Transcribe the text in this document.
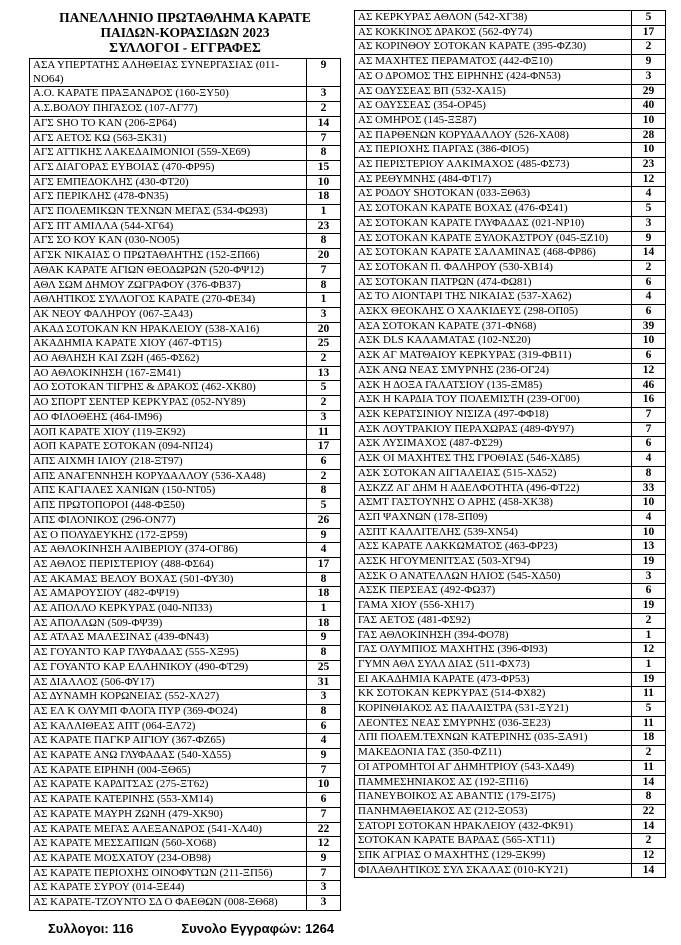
ΠΑΝΕΛΛΗΝΙΟ ΠΡΩΤΑΘΛΗΜΑ ΚΑΡΑΤΕ
ΠΑΙΔΩΝ-ΚΟΡΑΣΙΔΩΝ 2023
ΣΥΛΛΟΓΟΙ - ΕΓΓΡΑΦΕΣ
ΑΣΑ ΥΠΕΡΤΑΤΗΣ ΑΛΗΘΕΙΑΣ ΣΥΝΕΡΓΑΣΙΑΣ (011-ΝΟ64)	9
Α.Ο. ΚΑΡΑΤΕ ΠΡΑΞΑΝΔΡΟΣ (160-ΞΥ50)	3
Α.Σ.ΒΟΛΟΥ ΠΗΓΑΣΟΣ (107-ΛΓ77)	2
ΑΓΣ SHO TO KAN (206-ΞΡ64)	14
ΑΓΣ ΑΕΤΟΣ ΚΩ (563-ΞΚ31)	7
ΑΓΣ ΑΤΤΙΚΗΣ ΛΑΚΕΔΑΙΜΟΝΙΟΙ (559-ΧΕ69)	8
ΑΓΣ ΔΙΑΓΟΡΑΣ ΕΥΒΟΙΑΣ (470-ΦΡ95)	15
ΑΓΣ ΕΜΠΕΔΟΚΛΗΣ (430-ΦΤ20)	10
ΑΓΣ ΠΕΡΙΚΛΗΣ (478-ΦΝ35)	18
ΑΓΣ ΠΟΛΕΜΙΚΩΝ ΤΕΧΝΩΝ ΜΕΓΑΣ (534-ΦΩ93)	1
ΑΓΣ ΠΤ ΑΜΙΛΛΑ (544-ΧΓ64)	23
ΑΓΣ ΣΟ ΚΟΥ ΚΑΝ (030-ΝΟ05)	8
ΑΓΣΚ ΝΙΚΑΙΑΣ Ο ΠΡΩΤΑΘΛΗΤΗΣ (152-ΞΠ66)	20
ΑΘΑΚ ΚΑΡΑΤΕ ΑΓΙΩΝ ΘΕΟΔΩΡΩΝ (520-ΦΨ12)	7
ΑΘΛ ΣΩΜ ΔΗΜΟΥ ΖΩΓΡΑΦΟΥ (376-ΦΒ37)	8
ΑΘΛΗΤΙΚΟΣ ΣΥΛΛΟΓΟΣ ΚΑΡΑΤΕ (270-ΦΕ34)	1
ΑΚ ΝΕΟΥ ΦΑΛΗΡΟΥ (067-ΞΑ43)	3
ΑΚΑΔ ΣΟΤΟΚΑΝ ΚΝ ΗΡΑΚΛΕΙΟΥ (538-ΧΑ16)	20
ΑΚΑΔΗΜΙΑ ΚΑΡΑΤΕ ΧΙΟΥ (467-ΦΤ15)	25
ΑΟ ΑΘΛΗΣΗ ΚΑΙ ΖΩΗ (465-ΦΣ62)	2
ΑΟ ΑΘΛΟΚΙΝΗΣΗ (167-ΞΜ41)	13
ΑΟ ΣΟΤΟΚΑΝ ΤΙΓΡΗΣ & ΔΡΑΚΟΣ (462-ΧΚ80)	5
ΑΟ ΣΠΟΡΤ ΣΕΝΤΕΡ ΚΕΡΚΥΡΑΣ (052-ΝΥ89)	2
ΑΟ ΦΙΛΟΘΕΗΣ (464-ΙΜ96)	3
ΑΟΠ ΚΑΡΑΤΕ ΧΙΟΥ (119-ΞΚ92)	11
ΑΟΠ ΚΑΡΑΤΕ ΣΟΤΟΚΑΝ (094-ΝΠ24)	17
ΑΠΣ ΑΙΧΜΗ ΙΛΙΟΥ (218-ΞΤ97)	6
ΑΠΣ ΑΝΑΓΕΝΝΗΣΗ ΚΟΡΥΔΑΛΛΟΥ (536-ΧΑ48)	2
ΑΠΣ ΚΑΓΙΑΛΕΣ ΧΑΝΙΩΝ (150-ΝΤ05)	8
ΑΠΣ ΠΡΩΤΟΠΟΡΟΙ (448-ΦΞ50)	5
ΑΠΣ ΦΙΛΟΝΙΚΟΣ (296-ΟΝ77)	26
ΑΣ Ο ΠΟΛΥΔΕΥΚΗΣ (172-ΞΡ59)	9
ΑΣ ΑΘΛΟΚΙΝΗΣΗ ΑΛΙΒΕΡΙΟΥ (374-ΟΓ86)	4
ΑΣ ΑΘΛΟΣ ΠΕΡΙΣΤΕΡΙΟΥ (488-ΦΣ64)	17
ΑΣ ΑΚΑΜΑΣ ΒΕΛΟΥ ΒΟΧΑΣ (501-ΦΥ30)	8
ΑΣ ΑΜΑΡΟΥΣΙΟΥ (482-ΦΨ19)	18
ΑΣ ΑΠΟΛΛΟ ΚΕΡΚΥΡΑΣ (040-ΝΠ33)	1
ΑΣ ΑΠΟΛΛΩΝ (509-ΦΨ39)	18
ΑΣ ΑΤΛΑΣ ΜΑΛΕΣΙΝΑΣ (439-ΦΝ43)	9
ΑΣ ΓΟΥΑΝΤΟ ΚΑΡ ΓΛΥΦΑΔΑΣ (555-ΧΞ95)	8
ΑΣ ΓΟΥΑΝΤΟ ΚΑΡ ΕΛΛΗΝΙΚΟΥ (490-ΦΤ29)	25
ΑΣ ΔΙΑΛΛΟΣ (506-ΦΥ17)	31
ΑΣ ΔΥΝΑΜΗ ΚΟΡΩΝΕΙΑΣ (552-ΧΛ27)	3
ΑΣ ΕΛ Κ ΟΛΥΜΠ ΦΛΟΓΑ ΠΥΡ (369-ΦΟ24)	8
ΑΣ ΚΑΛΛΙΘΕΑΣ ΑΠΤ (064-ΞΛ72)	6
ΑΣ ΚΑΡΑΤΕ ΠΑΓΚΡ ΑΙΓΙΟΥ (367-ΦΖ65)	4
ΑΣ ΚΑΡΑΤΕ ΑΝΩ ΓΛΥΦΑΔΑΣ (540-ΧΔ55)	9
ΑΣ ΚΑΡΑΤΕ ΕΙΡΗΝΗ (004-ΞΘ65)	7
ΑΣ ΚΑΡΑΤΕ ΚΑΡΔΙΤΣΑΣ (275-ΞΤ62)	10
ΑΣ ΚΑΡΑΤΕ ΚΑΤΕΡΙΝΗΣ (553-ΧΜ14)	6
ΑΣ ΚΑΡΑΤΕ ΜΑΥΡΗ ΖΩΝΗ (479-ΧΚ90)	7
ΑΣ ΚΑΡΑΤΕ ΜΕΓΑΣ ΑΛΕΞΑΝΔΡΟΣ (541-ΧΛ40)	22
ΑΣ ΚΑΡΑΤΕ ΜΕΣΣΑΠΙΩΝ (560-ΧΟ68)	12
ΑΣ ΚΑΡΑΤΕ ΜΟΣΧΑΤΟΥ (234-ΟΒ98)	9
ΑΣ ΚΑΡΑΤΕ ΠΕΡΙΟΧΗΣ ΟΙΝΟΦΥΤΩΝ (211-ΞΠ56)	7
ΑΣ ΚΑΡΑΤΕ ΣΥΡΟΥ (014-ΞΕ44)	3
ΑΣ ΚΑΡΑΤΕ-ΤΖΟΥΝΤΟ ΣΔ Ο ΦΑΕΘΩΝ (008-ΞΘ68)	3
ΑΣ ΚΕΡΚΥΡΑΣ ΑΘΛΟΝ (542-ΧΓ38)	5
ΑΣ ΚΟΚΚΙΝΟΣ ΔΡΑΚΟΣ (562-ΦΥ74)	17
ΑΣ ΚΟΡΙΝΘΟΥ ΣΟΤΟΚΑΝ ΚΑΡΑΤΕ (395-ΦΖ30)	2
ΑΣ ΜΑΧΗΤΕΣ ΠΕΡΑΜΑΤΟΣ (442-ΦΞ10)	9
ΑΣ Ο ΔΡΟΜΟΣ ΤΗΣ ΕΙΡΗΝΗΣ (424-ΦΝ53)	3
ΑΣ ΟΔΥΣΣΕΑΣ ΒΠ (532-ΧΑ15)	29
ΑΣ ΟΔΥΣΣΕΑΣ (354-ΟΡ45)	40
ΑΣ ΟΜΗΡΟΣ (145-ΞΞ87)	10
ΑΣ ΠΑΡΘΕΝΩΝ ΚΟΡΥΔΑΛΛΟΥ (526-ΧΑ08)	28
ΑΣ ΠΕΡΙΟΧΗΣ ΠΑΡΓΑΣ (386-ΦΙΟ5)	10
ΑΣ ΠΕΡΙΣΤΕΡΙΟΥ ΑΛΚΙΜΑΧΟΣ (485-ΦΣ73)	23
ΑΣ ΡΕΘΥΜΝΗΣ (484-ΦΤ17)	12
ΑΣ ΡΟΔΟΥ SHOTOKAN (033-ΞΘ63)	4
ΑΣ ΣΟΤΟΚΑΝ ΚΑΡΑΤΕ ΒΟΧΑΣ (476-ΦΣ41)	5
ΑΣ ΣΟΤΟΚΑΝ ΚΑΡΑΤΕ ΓΛΥΦΑΔΑΣ (021-ΝΡ10)	3
ΑΣ ΣΟΤΟΚΑΝ ΚΑΡΑΤΕ ΞΥΛΟΚΑΣΤΡΟΥ (045-ΞΖ10)	9
ΑΣ ΣΟΤΟΚΑΝ ΚΑΡΑΤΕ ΣΑΛΑΜΙΝΑΣ (468-ΦΡ86)	14
ΑΣ ΣΟΤΟΚΑΝ Π. ΦΑΛΗΡΟΥ (530-ΧΒ14)	2
ΑΣ ΣΟΤΟΚΑΝ ΠΑΤΡΩΝ (474-ΦΩ81)	6
ΑΣ ΤΟ ΛΙΟΝΤΑΡΙ ΤΗΣ ΝΙΚΑΙΑΣ (537-ΧΑ62)	4
ΑΣΚΧ ΘΕΟΚΛΗΣ Ο ΧΑΛΚΙΔΕΥΣ (298-ΟΠ05)	6
ΑΣΑ ΣΟΤΟΚΑΝ ΚΑΡΑΤΕ (371-ΦΝ68)	39
ΑΣΚ DLS ΚΑΛΑΜΑΤΑΣ (102-ΝΣ20)	10
ΑΣΚ ΑΓ ΜΑΤΘΑΙΟΥ ΚΕΡΚΥΡΑΣ (319-ΦΒ11)	6
ΑΣΚ ΑΝΩ ΝΕΑΣ ΣΜΥΡΝΗΣ (236-ΟΓ24)	12
ΑΣΚ Η ΔΟΞΑ ΓΑΛΑΤΣΙΟΥ (135-ΞΜ85)	46
ΑΣΚ Η ΚΑΡΔΙΑ ΤΟΥ ΠΟΛΕΜΙΣΤΗ (239-ΟΓ00)	16
ΑΣΚ ΚΕΡΑΤΣΙΝΙΟΥ ΝΙΣΙΖΑ (497-ΦΦ18)	7
ΑΣΚ ΛΟΥΤΡΑΚΙΟΥ ΠΕΡΑΧΩΡΑΣ (489-ΦΥ97)	7
ΑΣΚ ΛΥΣΙΜΑΧΟΣ (487-ΦΣ29)	6
ΑΣΚ ΟΙ ΜΑΧΗΤΕΣ ΤΗΣ ΓΡΟΘΙΑΣ (546-ΧΔ85)	4
ΑΣΚ ΣΟΤΟΚΑΝ ΑΙΓΙΑΛΕΙΑΣ (515-ΧΔ52)	8
ΑΣΚΖΖ ΑΓ ΔΗΜ Η ΑΔΕΛΦΟΤΗΤΑ (496-ΦΤ22)	33
ΑΣΜΤ ΓΑΣΤΟΥΝΗΣ Ο ΑΡΗΣ (458-ΧΚ38)	10
ΑΣΠ ΨΑΧΝΩΝ (178-ΞΠ09)	4
ΑΣΠΤ ΚΑΛΛΙΤΕΛΗΣ (539-ΧΝ54)	10
ΑΣΣ ΚΑΡΑΤΕ ΛΑΚΚΩΜΑΤΟΣ (463-ΦΡ23)	13
ΑΣΣΚ ΗΓΟΥΜΕΝΙΤΣΑΣ (503-ΧΓ94)	19
ΑΣΣΚ Ο ΑΝΑΤΕΛΛΩΝ ΗΛΙΟΣ (545-ΧΔ50)	3
ΑΣΣΚ ΠΕΡΣΕΑΣ (492-ΦΩ37)	6
ΓΑΜΑ ΧΙΟΥ (556-ΧΗ17)	19
ΓΑΣ ΑΕΤΟΣ (481-ΦΣ92)	2
ΓΑΣ ΑΘΛΟΚΙΝΗΣΗ (394-ΦΟ78)	1
ΓΑΣ ΟΛΥΜΠΙΟΣ ΜΑΧΗΤΗΣ (396-ΦΙ93)	12
ΓΥΜΝ ΑΘΛ ΣΥΛΛ ΔΙΑΣ (511-ΦΧ73)	1
ΕΙ ΑΚΑΔΗΜΙΑ ΚΑΡΑΤΕ (473-ΦΡ53)	19
ΚΚ ΣΟΤΟΚΑΝ ΚΕΡΚΥΡΑΣ (514-ΦΧ82)	11
ΚΟΡΙΝΘΙΑΚΟΣ ΑΣ ΠΑΛΑΙΣΤΡΑ (531-ΞΥ21)	5
ΛΕΟΝΤΕΣ ΝΕΑΣ ΣΜΥΡΝΗΣ (036-ΞΕ23)	11
ΛΠΙ ΠΟΛΕΜ.ΤΕΧΝΩΝ ΚΑΤΕΡΙΝΗΣ (035-ΞΑ91)	18
ΜΑΚΕΔΟΝΙΑ ΓΑΣ (350-ΦΖ11)	2
ΟΙ ΑΤΡΟΜΗΤΟΙ ΑΓ ΔΗΜΗΤΡΙΟΥ (543-ΧΔ49)	11
ΠΑΜΜΕΣΗΝΙΑΚΟΣ ΑΣ (192-ΞΠ16)	14
ΠΑΝΕΥΒΟΙΚΟΣ ΑΣ ΑΒΑΝΤΙΣ (179-ΞΙ75)	8
ΠΑΝΗΜΑΘΕΙΑΚΟΣ ΑΣ (212-ΞΟ53)	22
ΣΑΤΟΡΙ ΣΟΤΟΚΑΝ ΗΡΑΚΛΕΙΟΥ (432-ΦΚ91)	14
ΣΟΤΟΚΑΝ ΚΑΡΑΤΕ ΒΑΡΔΑΣ (565-ΧΤ11)	2
ΣΠΚ ΑΓΡΙΑΣ Ο ΜΑΧΗΤΗΣ (129-ΞΚ99)	12
ΦΙΛΑΘΛΗΤΙΚΟΣ ΣΥΛ ΣΚΑΛΑΣ (010-ΚΥ21)	14
Συλλογοι: 116	Συνολο Εγγραφών: 1264
